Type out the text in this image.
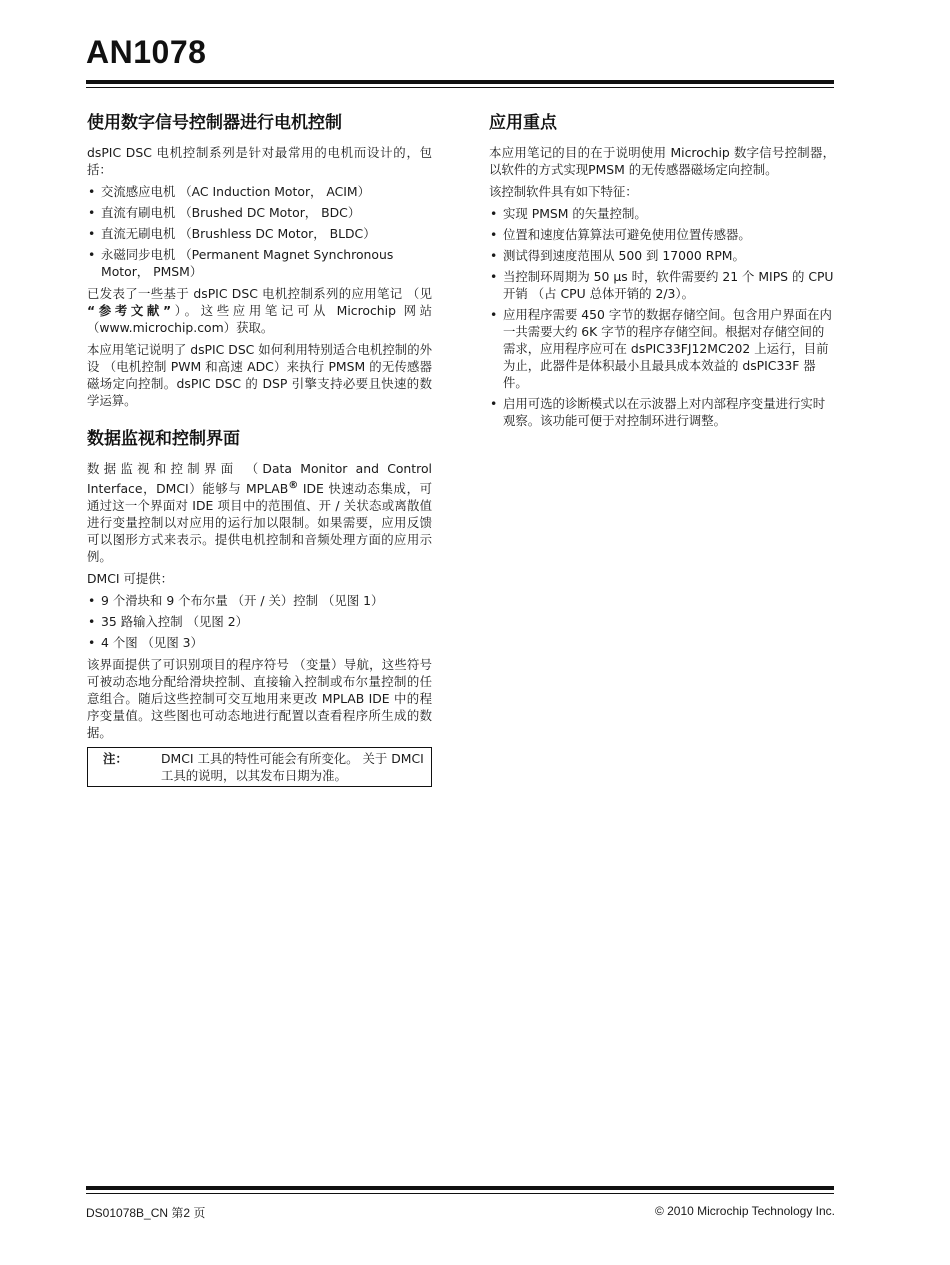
AN1078
使用数字信号控制器进行电机控制

dsPIC DSC 电机控制系列是针对最常用的电机而设计的，包括：

• 交流感应电机 （AC Induction Motor， ACIM）
• 直流有刷电机 （Brushed DC Motor， BDC）
• 直流无刷电机 （Brushless DC Motor， BLDC）
• 永磁同步电机 （Permanent Magnet Synchronous Motor， PMSM）

已发表了一些基于 dsPIC DSC 电机控制系列的应用笔记 （见 “参考文献”）。这些应用笔记可从 Microchip 网站 （www.microchip.com）获取。

本应用笔记说明了 dsPIC DSC 如何利用特别适合电机控制的外设 （电机控制 PWM 和高速 ADC）来执行 PMSM 的无传感器磁场定向控制。dsPIC DSC 的 DSP 引擎支持必要且快速的数学运算。

数据监视和控制界面

数据监视和控制界面 （Data Monitor and Control Interface，DMCI）能够与 MPLAB® IDE 快速动态集成，可通过这一个界面对 IDE 项目中的范围值、开 / 关状态或离散值进行变量控制以对应用的运行加以限制。如果需要，应用反馈可以图形方式来表示。提供电机控制和音频处理方面的应用示例。

DMCI 可提供：

• 9 个滑块和 9 个布尔量 （开 / 关）控制 （见图 1）
• 35 路输入控制 （见图 2）
• 4 个图 （见图 3）

该界面提供了可识别项目的程序符号 （变量）导航，这些符号可被动态地分配给滑块控制、直接输入控制或布尔量控制的任意组合。随后这些控制可交互地用来更改 MPLAB IDE 中的程序变量值。这些图也可动态地进行配置以查看程序所生成的数据。

注：	DMCI 工具的特性可能会有所变化。 关于 DMCI 工具的说明，以其发布日期为准。
应用重点

本应用笔记的目的在于说明使用 Microchip 数字信号控制器，以软件的方式实现PMSM 的无传感器磁场定向控制。

该控制软件具有如下特征：

• 实现 PMSM 的矢量控制。
• 位置和速度估算算法可避免使用位置传感器。
• 测试得到速度范围从 500 到 17000 RPM。
• 当控制环周期为 50 μs 时，软件需要约 21 个 MIPS 的 CPU 开销 （占 CPU 总体开销的 2/3）。
• 应用程序需要 450 字节的数据存储空间。包含用户界面在内一共需要大约 6K 字节的程序存储空间。根据对存储空间的需求，应用程序应可在 dsPIC33FJ12MC202 上运行，目前为止，此器件是体积最小且最具成本效益的 dsPIC33F 器件。
• 启用可选的诊断模式以在示波器上对内部程序变量进行实时观察。该功能可便于对控制环进行调整。
DS01078B_CN 第2 页	© 2010 Microchip Technology Inc.
